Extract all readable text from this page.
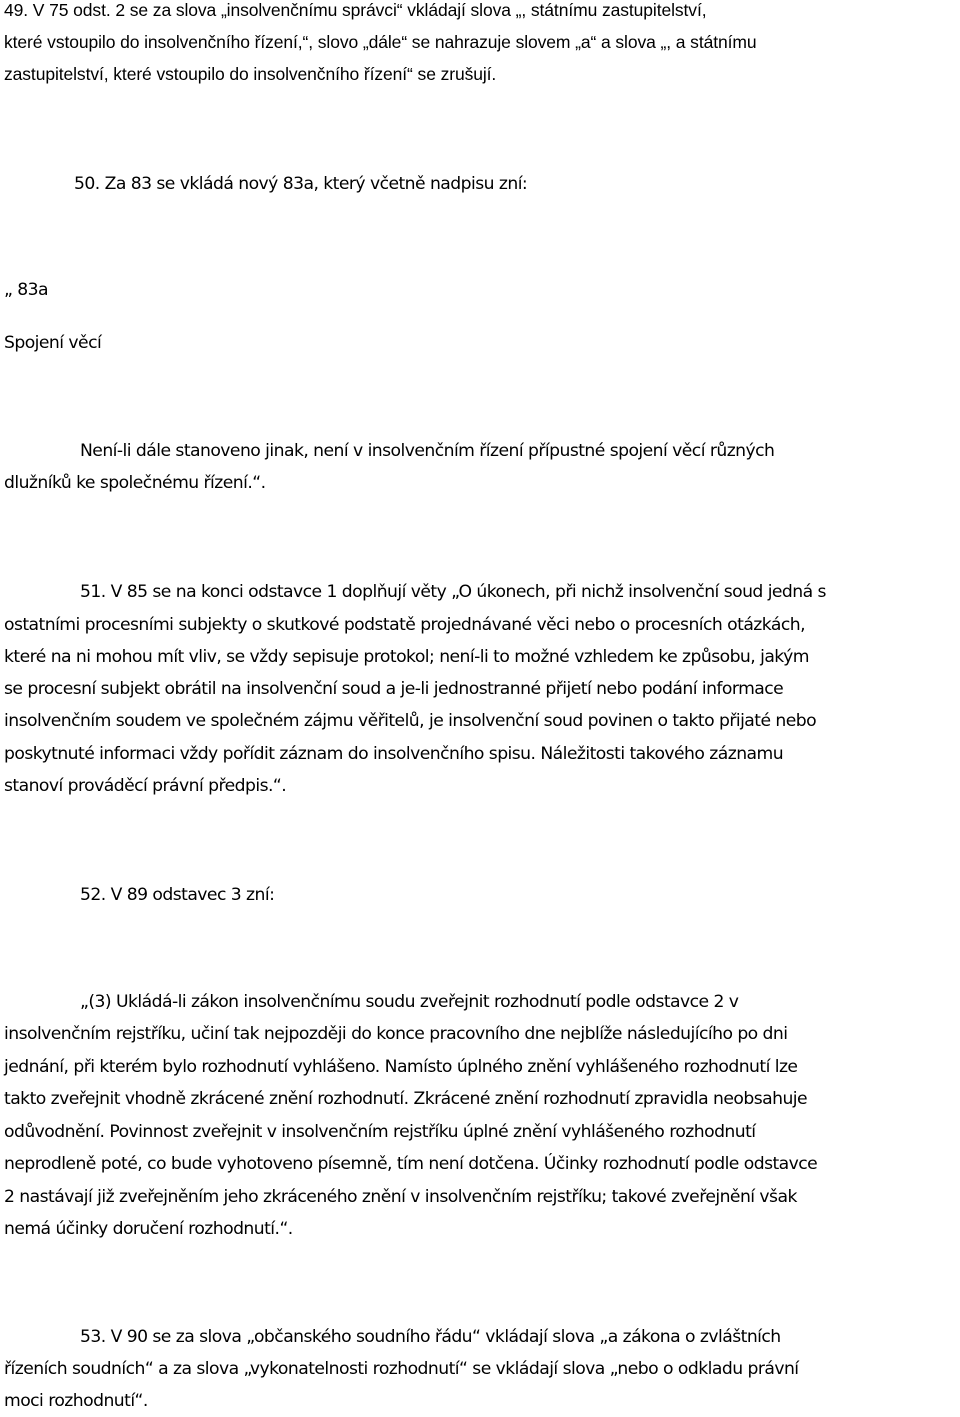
49. V 75 odst. 2 se za slova „insolvenčnímu správci“ vkládají slova „, státnímu zastupitelství,
které vstoupilo do insolvenčního řízení,“, slovo „dále“ se nahrazuje slovem „a“ a slova „, a státnímu
zastupitelství, které vstoupilo do insolvenčního řízení“ se zrušují.
50. Za 83 se vkládá nový 83a, který včetně nadpisu zní:
„ 83a
Spojení věcí
Není-li dále stanoveno jinak, není v insolvenčním řízení přípustné spojení věcí různých
dlužníků ke společnému řízení.“.
51. V 85 se na konci odstavce 1 doplňují věty „O úkonech, při nichž insolvenční soud jedná s
ostatními procesními subjekty o skutkové podstatě projednávané věci nebo o procesních otázkách,
které na ni mohou mít vliv, se vždy sepisuje protokol; není-li to možné vzhledem ke způsobu, jakým
se procesní subjekt obrátil na insolvenční soud a je-li jednostranné přijetí nebo podání informace
insolvenčním soudem ve společném zájmu věřitelů, je insolvenční soud povinen o takto přijaté nebo
poskytnuté informaci vždy pořídit záznam do insolvenčního spisu. Náležitosti takového záznamu
stanoví prováděcí právní předpis.“.
52. V 89 odstavec 3 zní:
„(3) Ukládá-li zákon insolvenčnímu soudu zveřejnit rozhodnutí podle odstavce 2 v
insolvenčním rejstříku, učiní tak nejpozději do konce pracovního dne nejblíže následujícího po dni
jednání, při kterém bylo rozhodnutí vyhlášeno. Namísto úplného znění vyhlášeného rozhodnutí lze
takto zveřejnit vhodně zkrácené znění rozhodnutí. Zkrácené znění rozhodnutí zpravidla neobsahuje
odůvodnění. Povinnost zveřejnit v insolvenčním rejstříku úplné znění vyhlášeného rozhodnutí
neprodleně poté, co bude vyhotoveno písemně, tím není dotčena. Účinky rozhodnutí podle odstavce
2 nastávají již zveřejněním jeho zkráceného znění v insolvenčním rejstříku; takové zveřejnění však
nemá účinky doručení rozhodnutí.“.
53. V 90 se za slova „občanského soudního řádu“ vkládají slova „a zákona o zvláštních
řízeních soudních“ a za slova „vykonatelnosti rozhodnutí“ se vkládají slova „nebo o odkladu právní
moci rozhodnutí“.
